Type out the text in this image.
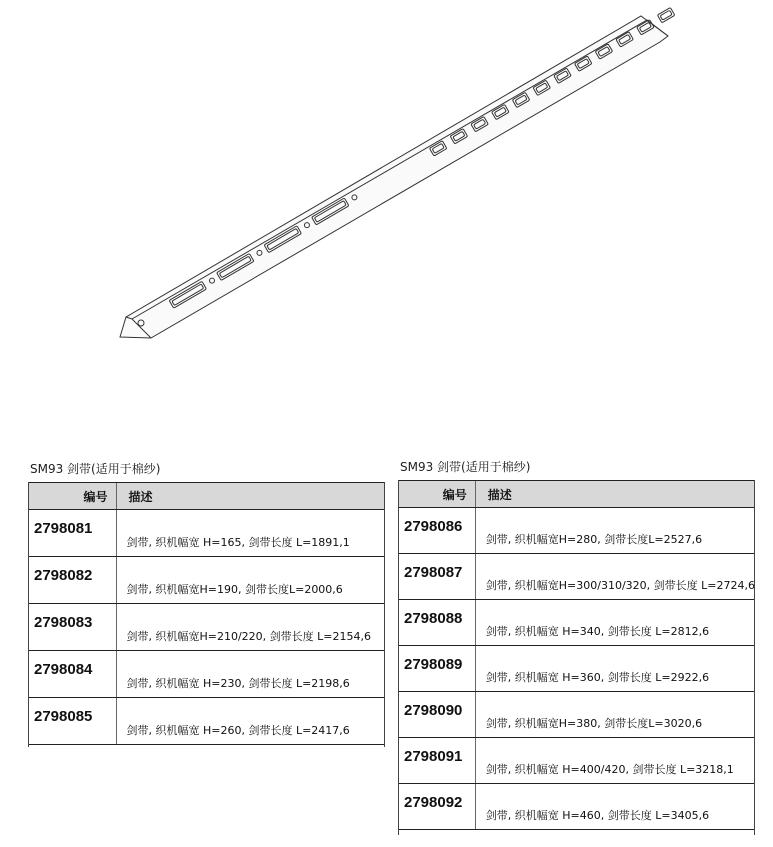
SM93 剑带(适用于棉纱)	SM93 剑带(适用于棉纱)
编号	描述
2798081	剑带, 织机幅宽 H=165, 剑带长度 L=1891,1
2798082	剑带, 织机幅宽H=190, 剑带长度L=2000,6
2798083	剑带, 织机幅宽H=210/220, 剑带长度 L=2154,6
2798084	剑带, 织机幅宽 H=230, 剑带长度 L=2198,6
2798085	剑带, 织机幅宽 H=260, 剑带长度 L=2417,6
编号	描述
2798086	剑带, 织机幅宽H=280, 剑带长度L=2527,6
2798087	剑带, 织机幅宽H=300/310/320, 剑带长度 L=2724,6
2798088	剑带, 织机幅宽 H=340, 剑带长度 L=2812,6
2798089	剑带, 织机幅宽 H=360, 剑带长度 L=2922,6
2798090	剑带, 织机幅宽H=380, 剑带长度L=3020,6
2798091	剑带, 织机幅宽 H=400/420, 剑带长度 L=3218,1
2798092	剑带, 织机幅宽 H=460, 剑带长度 L=3405,6
